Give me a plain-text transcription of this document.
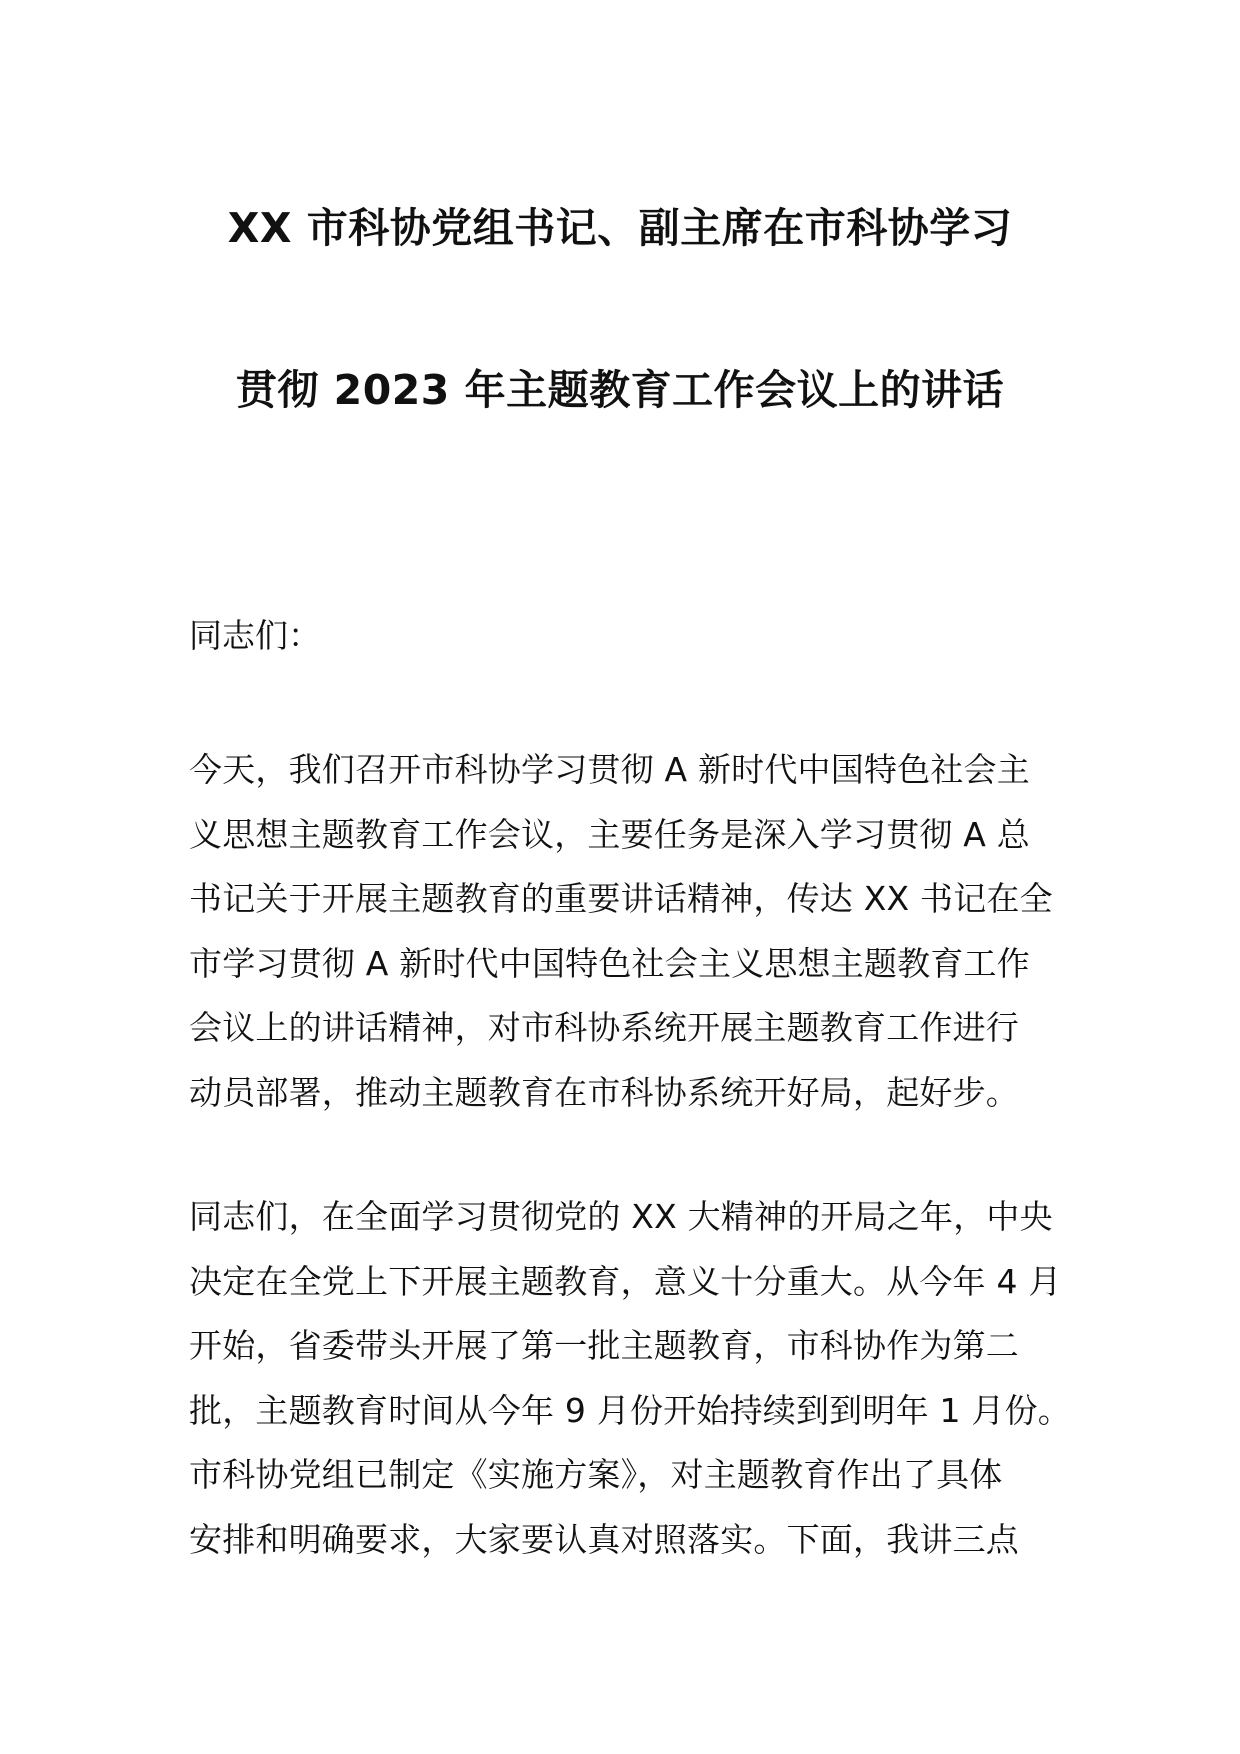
XX 市科协党组书记、副主席在市科协学习
贯彻 2023 年主题教育工作会议上的讲话
同志们：
今天，我们召开市科协学习贯彻 A 新时代中国特色社会主
义思想主题教育工作会议，主要任务是深入学习贯彻 A 总
书记关于开展主题教育的重要讲话精神，传达 XX 书记在全
市学习贯彻 A 新时代中国特色社会主义思想主题教育工作
会议上的讲话精神，对市科协系统开展主题教育工作进行
动员部署，推动主题教育在市科协系统开好局，起好步。
同志们，在全面学习贯彻党的 XX 大精神的开局之年，中央
决定在全党上下开展主题教育，意义十分重大。从今年 4 月
开始，省委带头开展了第一批主题教育，市科协作为第二
批，主题教育时间从今年 9 月份开始持续到到明年 1 月份。
市科协党组已制定《实施方案》，对主题教育作出了具体
安排和明确要求，大家要认真对照落实。下面，我讲三点
